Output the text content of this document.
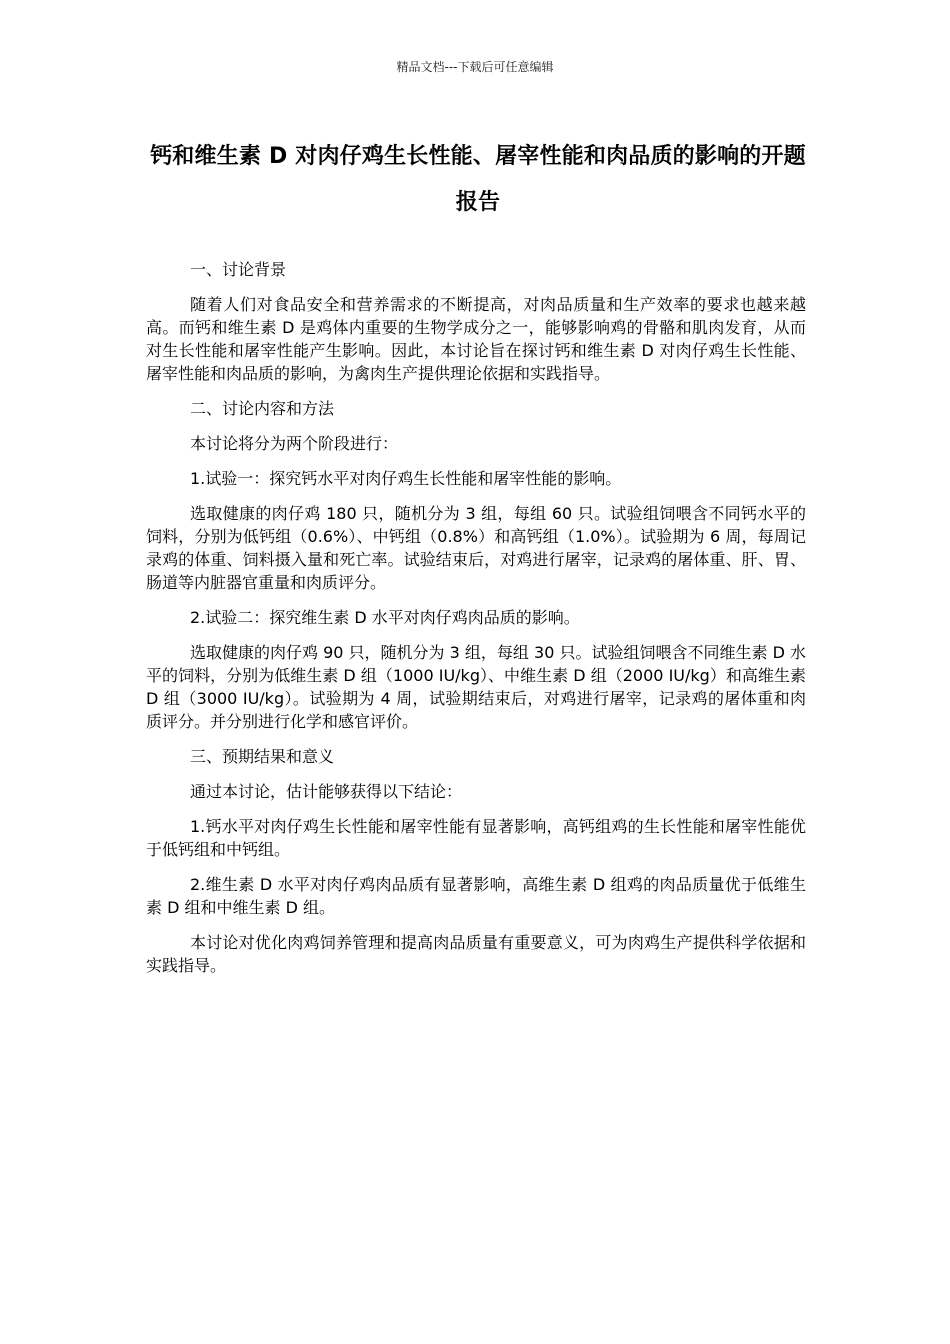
精品文档---下载后可任意编辑
钙和维生素 D 对肉仔鸡生长性能、屠宰性能和肉品质的影响的开题报告

一、讨论背景

随着人们对食品安全和营养需求的不断提高，对肉品质量和生产效率的要求也越来越高。而钙和维生素 D 是鸡体内重要的生物学成分之一，能够影响鸡的骨骼和肌肉发育，从而对生长性能和屠宰性能产生影响。因此，本讨论旨在探讨钙和维生素 D 对肉仔鸡生长性能、屠宰性能和肉品质的影响，为禽肉生产提供理论依据和实践指导。

二、讨论内容和方法

本讨论将分为两个阶段进行：

1.试验一：探究钙水平对肉仔鸡生长性能和屠宰性能的影响。

选取健康的肉仔鸡 180 只，随机分为 3 组，每组 60 只。试验组饲喂含不同钙水平的饲料，分别为低钙组（0.6%）、中钙组（0.8%）和高钙组（1.0%）。试验期为 6 周，每周记录鸡的体重、饲料摄入量和死亡率。试验结束后，对鸡进行屠宰，记录鸡的屠体重、肝、胃、肠道等内脏器官重量和肉质评分。

2.试验二：探究维生素 D 水平对肉仔鸡肉品质的影响。

选取健康的肉仔鸡 90 只，随机分为 3 组，每组 30 只。试验组饲喂含不同维生素 D 水平的饲料，分别为低维生素 D 组（1000 IU/kg）、中维生素 D 组（2000 IU/kg）和高维生素 D 组（3000 IU/kg）。试验期为 4 周，试验期结束后，对鸡进行屠宰，记录鸡的屠体重和肉质评分。并分别进行化学和感官评价。

三、预期结果和意义

通过本讨论，估计能够获得以下结论：

1.钙水平对肉仔鸡生长性能和屠宰性能有显著影响，高钙组鸡的生长性能和屠宰性能优于低钙组和中钙组。

2.维生素 D 水平对肉仔鸡肉品质有显著影响，高维生素 D 组鸡的肉品质量优于低维生素 D 组和中维生素 D 组。

本讨论对优化肉鸡饲养管理和提高肉品质量有重要意义，可为肉鸡生产提供科学依据和实践指导。
